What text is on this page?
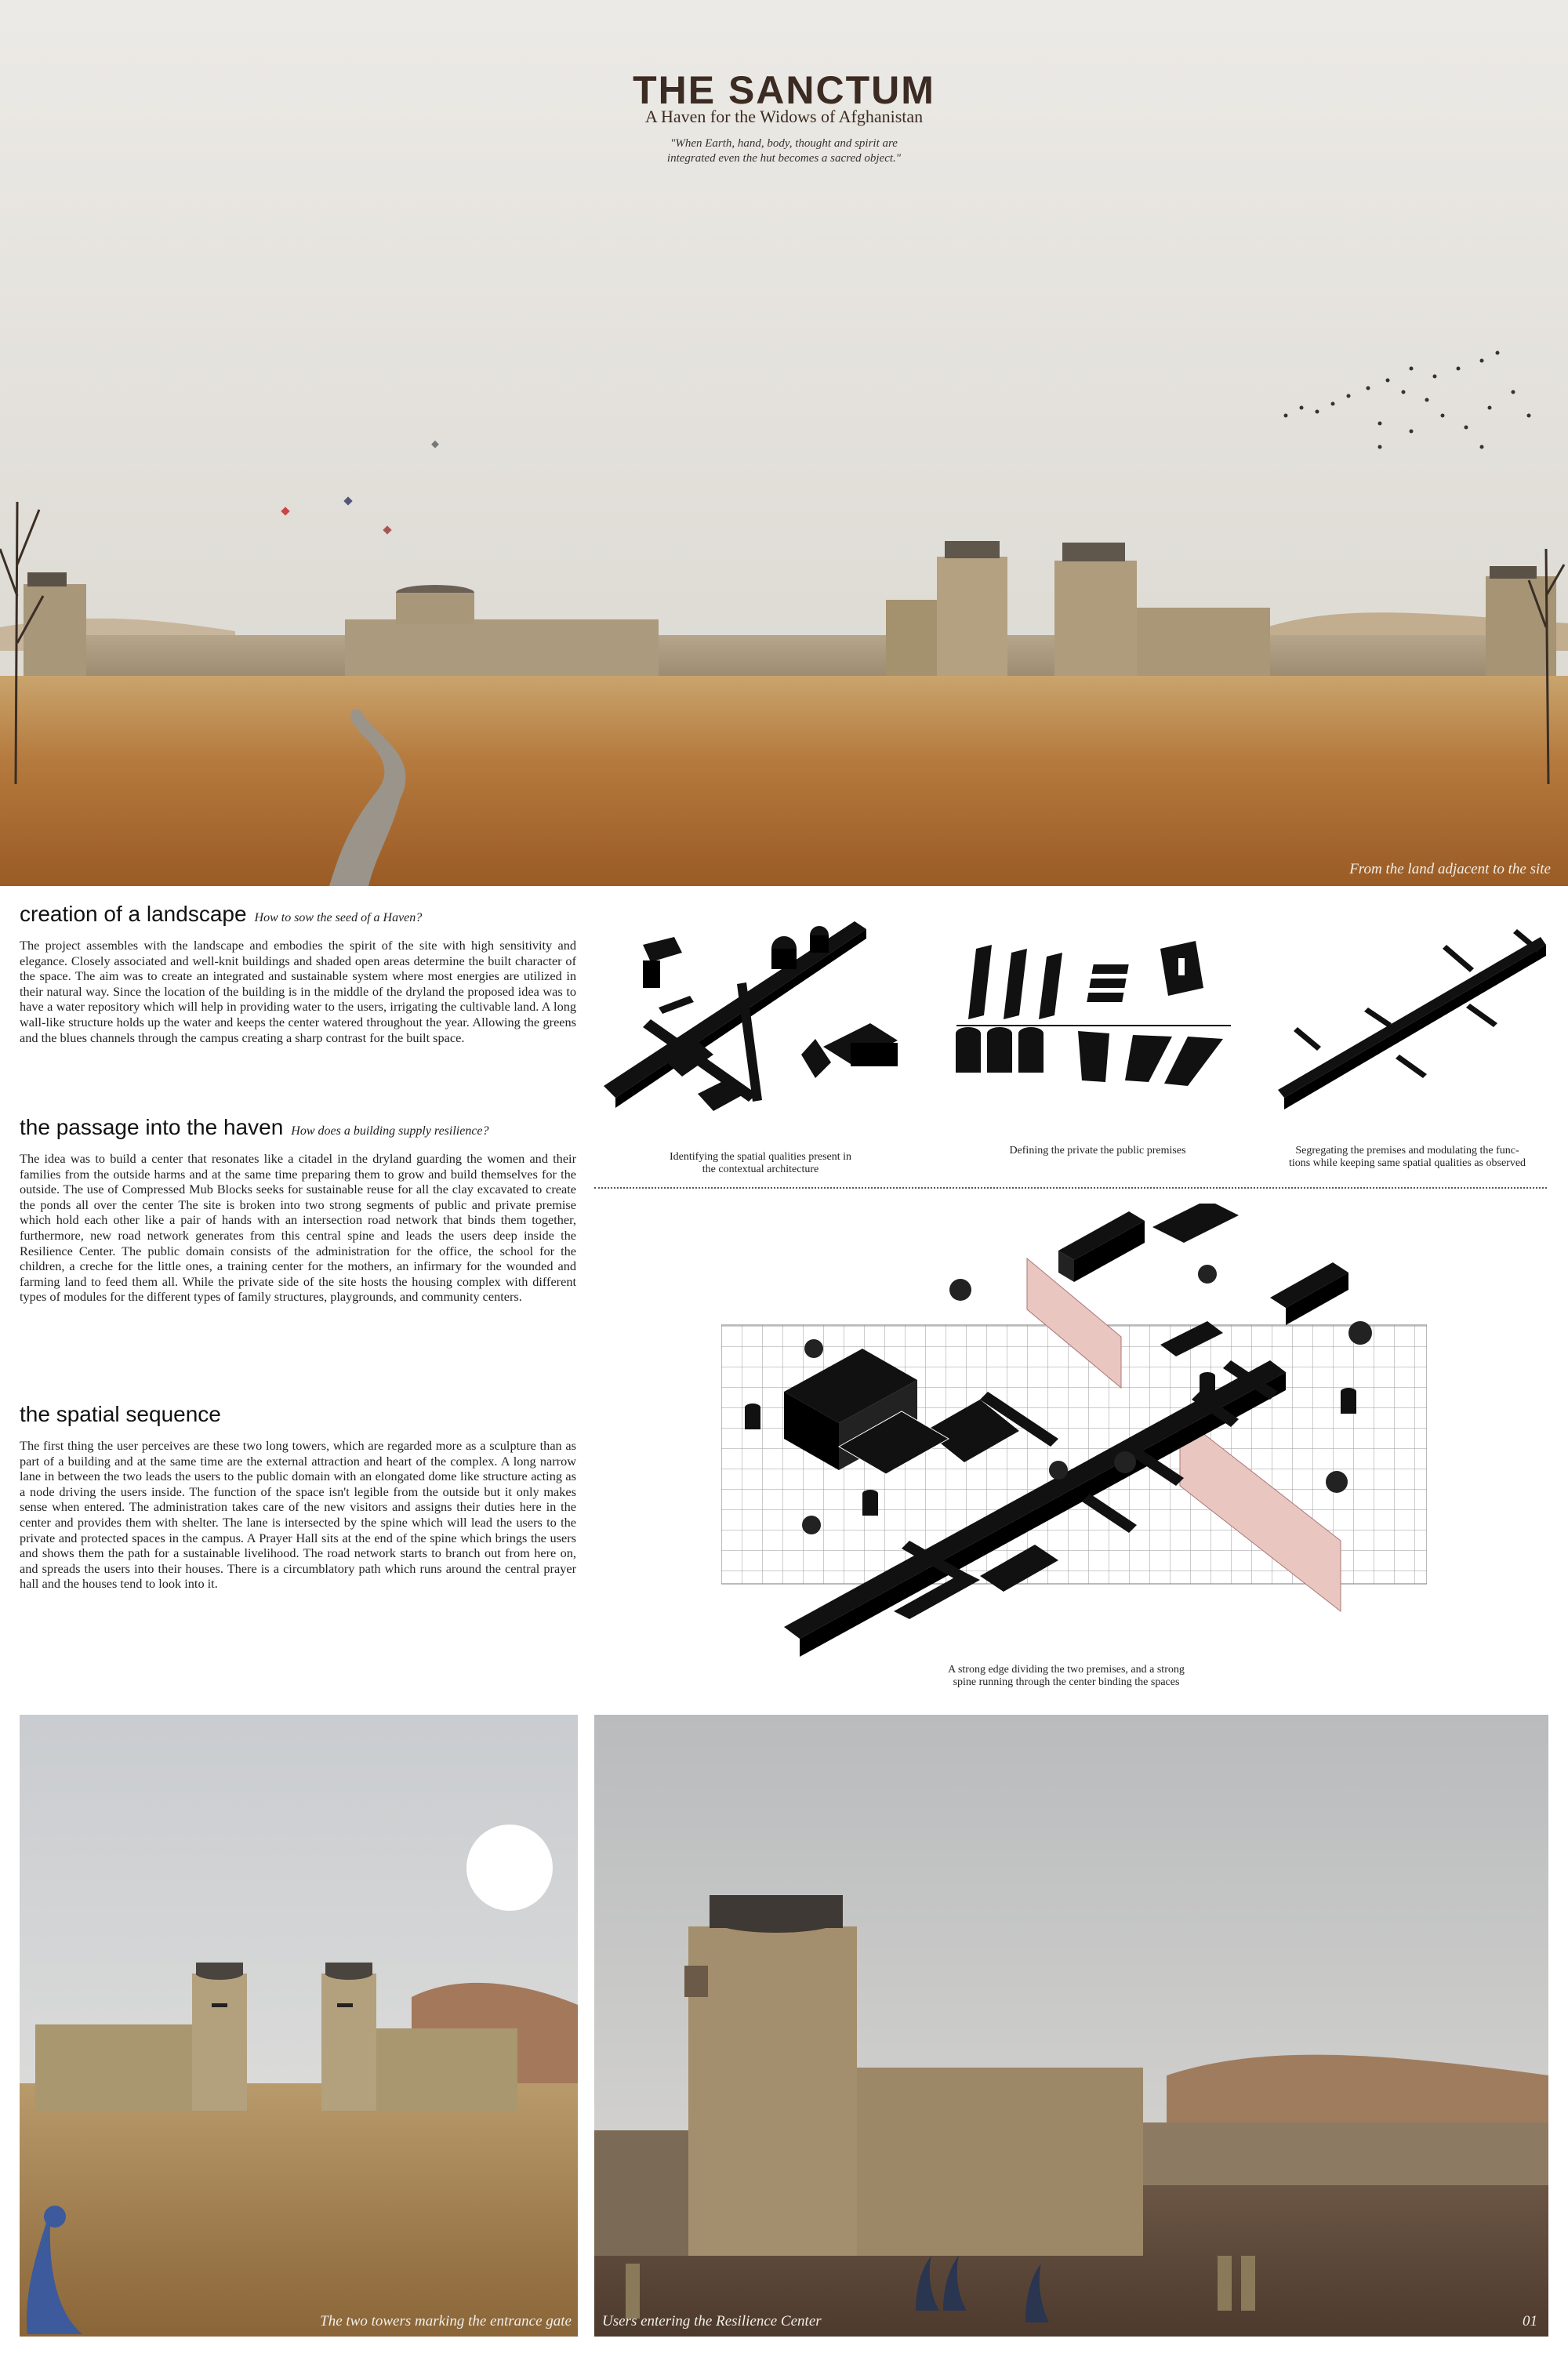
THE SANCTUM
A Haven for the Widows of Afghanistan
"When Earth, hand, body, thought and spirit are
integrated even the hut becomes a sacred object."
From the land adjacent to the site
creation of a landscape How to sow the seed of a Haven?
The project assembles with the landscape and embodies the spirit of the site with high sensitivity and elegance. Closely associated and well-knit buildings and shaded open areas determine the built character of the space. The aim was to create an integrated and sustainable system where most energies are utilized in their natural way. Since the location of the building is in the middle of the dryland the proposed idea was to have a water repository which will help in providing water to the users, irrigating the cultivable land. A long wall-like structure holds up the water and keeps the center watered throughout the year. Allowing the greens and the blues channels through the campus creating a sharp contrast for the built space.
the passage into the haven How does a building supply resilience?
The idea was to build a center that resonates like a citadel in the dryland guarding the women and their families from the outside harms and at the same time preparing them to grow and build themselves for the outside. The use of Compressed Mub Blocks seeks for sustainable reuse for all the clay excavated to create the ponds all over the center The site is broken into two strong segments of public and private premise which hold each other like a pair of hands with an intersection road network that binds them together, furthermore, new road network generates from this central spine and leads the users deep inside the Resilience Center. The public domain consists of the administration for the office, the school for the children, a creche for the little ones, a training center for the mothers, an infirmary for the wounded and farming land to feed them all. While the private side of the site hosts the housing complex with different types of modules for the different types of family structures, playgrounds, and community centers.
the spatial sequence
The first thing the user perceives are these two long towers, which are regarded more as a sculpture than as part of a building and at the same time are the external attraction and heart of the complex. A long narrow lane in between the two leads the users to the public domain with an elongated dome like structure acting as a node driving the users inside. The function of the space isn't legible from the outside but it only makes sense when entered. The administration takes care of the new visitors and assigns their duties here in the center and provides them with shelter. The lane is intersected by the spine which will lead the users to the private and protected spaces in the campus. A Prayer Hall sits at the end of the spine which brings the users and shows them the path for a sustainable livelihood. The road network starts to branch out from here on, and spreads the users into their houses. There is a circumblatory path which runs around the central prayer hall and the houses tend to look into it.
Identifying the spatial qualities present in
the contextual architecture
Defining the private the public premises	Segregating the premises and modulating the func-
tions while keeping same spatial qualities as observed
A strong edge dividing the two premises, and a strong
spine running through the center binding the spaces
The two towers marking the entrance gate Users entering the Resilience Center	01
